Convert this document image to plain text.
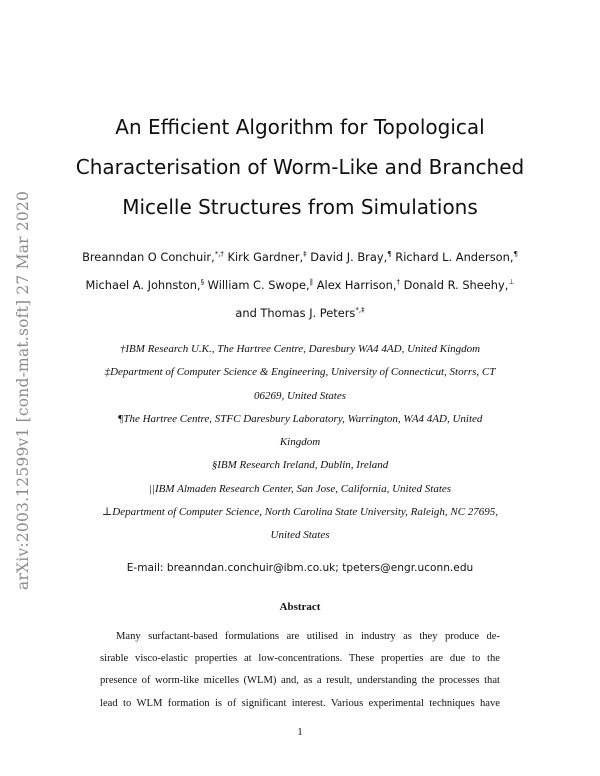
arXiv:2003.12599v1 [cond-mat.soft] 27 Mar 2020
An Efficient Algorithm for Topological
Characterisation of Worm-Like and Branched
Micelle Structures from Simulations
Breanndan O Conchuir,*,† Kirk Gardner,‡ David J. Bray,¶ Richard L. Anderson,¶
Michael A. Johnston,§ William C. Swope,∥ Alex Harrison,† Donald R. Sheehy,⊥
and Thomas J. Peters*,‡
†IBM Research U.K., The Hartree Centre, Daresbury WA4 4AD, United Kingdom
‡Department of Computer Science & Engineering, University of Connecticut, Storrs, CT
06269, United States
¶The Hartree Centre, STFC Daresbury Laboratory, Warrington, WA4 4AD, United
Kingdom
§IBM Research Ireland, Dublin, Ireland
||IBM Almaden Research Center, San Jose, California, United States
⊥Department of Computer Science, North Carolina State University, Raleigh, NC 27695,
United States
E-mail: breanndan.conchuir@ibm.co.uk; tpeters@engr.uconn.edu
Abstract
Many surfactant-based formulations are utilised in industry as they produce de-
sirable visco-elastic properties at low-concentrations. These properties are due to the
presence of worm-like micelles (WLM) and, as a result, understanding the processes that
lead to WLM formation is of significant interest. Various experimental techniques have
1
